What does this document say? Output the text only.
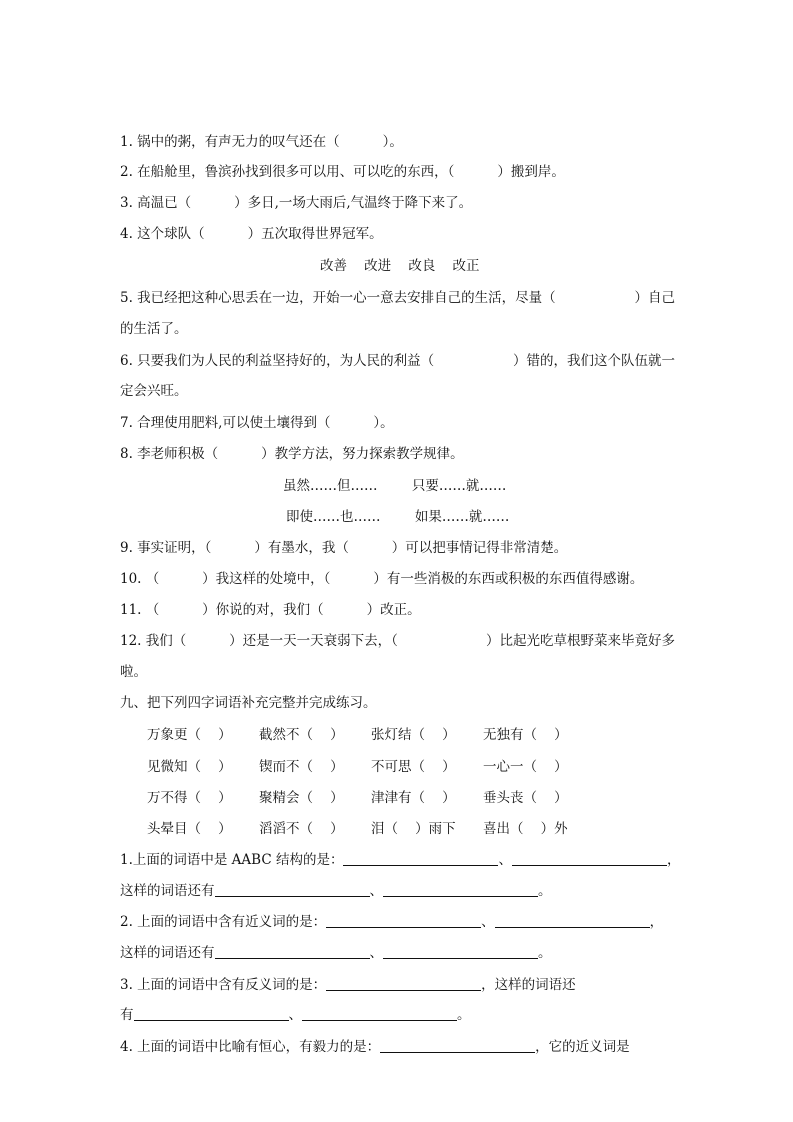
1. 锅中的粥，有声无力的叹气还在（          ）。
2. 在船舱里，鲁滨孙找到很多可以用、可以吃的东西，（          ）搬到岸。
3. 高温已（          ）多日,一场大雨后,气温终于降下来了。
4. 这个球队（          ）五次取得世界冠军。
改善    改进    改良    改正
5. 我已经把这种心思丢在一边，开始一心一意去安排自己的生活，尽量（	）自己
的生活了。
6. 只要我们为人民的利益坚持好的，为人民的利益（	）错的，我们这个队伍就一
定会兴旺。
7. 合理使用肥料,可以使土壤得到（          ）。
8. 李老师积极（          ）教学方法，努力探索教学规律。
虽然……但……        只要……就……
即使……也……        如果……就……
9. 事实证明，（          ）有墨水，我（          ）可以把事情记得非常清楚。
10. （          ）我这样的处境中，（          ）有一些消极的东西或积极的东西值得感谢。
11. （          ）你说的对，我们（          ）改正。
12. 我们（          ）还是一天一天衰弱下去，（	）比起光吃草根野菜来毕竟好多
啦。
九、把下列四字词语补充完整并完成练习。
万象更（    ） 截然不（    ） 张灯结（    ） 无独有（    ）
见微知（    ） 锲而不（    ） 不可思（    ） 一心一（    ）
万不得（    ） 聚精会（    ） 津津有（    ） 垂头丧（    ）
头晕目（    ） 滔滔不（    ） 泪（    ）雨下 喜出（    ）外
1.上面的词语中是 AABC 结构的是：	、	，
这样的词语还有	、	。
2. 上面的词语中含有近义词的是：	、	，
这样的词语还有	、	。
3. 上面的词语中含有反义词的是：	，这样的词语还
有	、	。
4. 上面的词语中比喻有恒心，有毅力的是：	，它的近义词是
